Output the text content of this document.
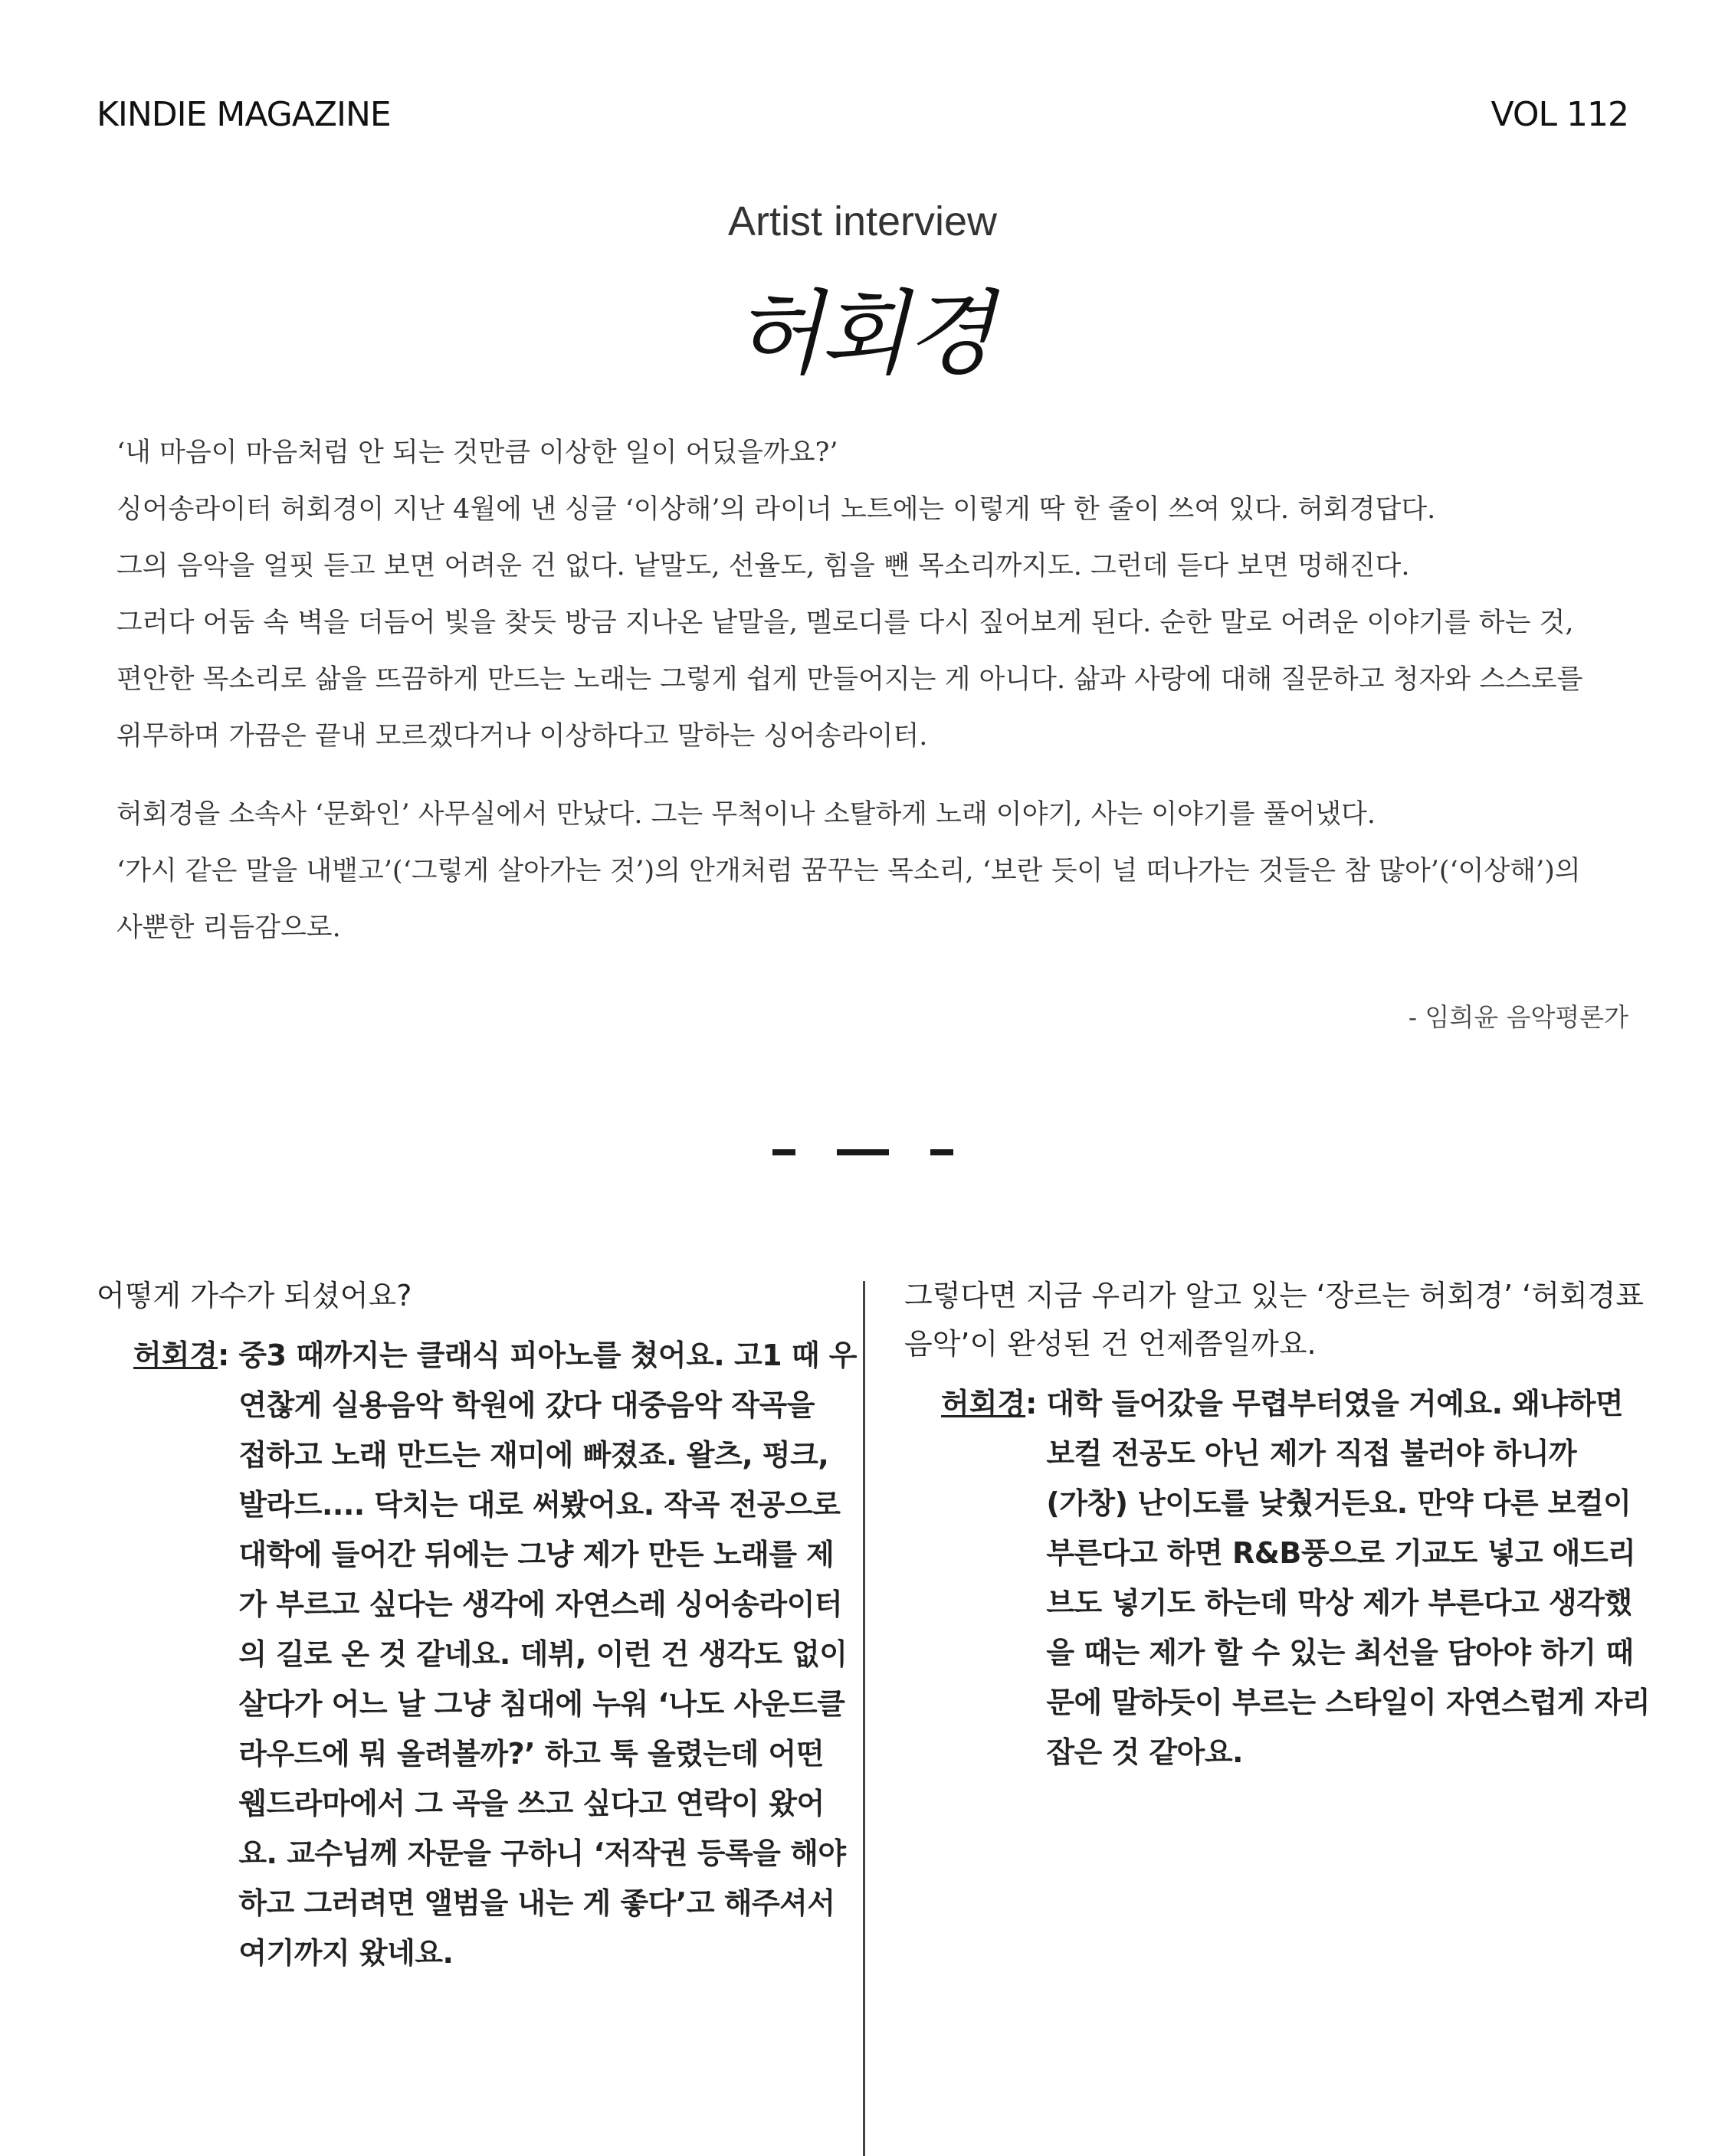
KINDIE MAGAZINE	VOL 112
Artist interview
허회경

‘내 마음이 마음처럼 안 되는 것만큼 이상한 일이 어딨을까요?’

싱어송라이터 허회경이 지난 4월에 낸 싱글 ‘이상해’의 라이너 노트에는 이렇게 딱 한 줄이 쓰여 있다. 허회경답다.

그의 음악을 얼핏 듣고 보면 어려운 건 없다. 낱말도, 선율도, 힘을 뺀 목소리까지도. 그런데 듣다 보면 멍해진다.

그러다 어둠 속 벽을 더듬어 빛을 찾듯 방금 지나온 낱말을, 멜로디를 다시 짚어보게 된다. 순한 말로 어려운 이야기를 하는 것,

편안한 목소리로 삶을 뜨끔하게 만드는 노래는 그렇게 쉽게 만들어지는 게 아니다. 삶과 사랑에 대해 질문하고 청자와 스스로를

위무하며 가끔은 끝내 모르겠다거나 이상하다고 말하는 싱어송라이터.

허회경을 소속사 ‘문화인’ 사무실에서 만났다. 그는 무척이나 소탈하게 노래 이야기, 사는 이야기를 풀어냈다.

‘가시 같은 말을 내뱉고’(‘그렇게 살아가는 것’)의 안개처럼 꿈꾸는 목소리, ‘보란 듯이 널 떠나가는 것들은 참 많아’(‘이상해’)의

사뿐한 리듬감으로.

- 임희윤 음악평론가

어떻게 가수가 되셨어요?

허회경 : 중3 때까지는 클래식 피아노를 쳤어요. 고1 때 우

연찮게 실용음악 학원에 갔다 대중음악 작곡을

접하고 노래 만드는 재미에 빠졌죠. 왈츠, 펑크,

발라드.... 닥치는 대로 써봤어요. 작곡 전공으로

대학에 들어간 뒤에는 그냥 제가 만든 노래를 제

가 부르고 싶다는 생각에 자연스레 싱어송라이터

의 길로 온 것 같네요. 데뷔, 이런 건 생각도 없이

살다가 어느 날 그냥 침대에 누워 ‘나도 사운드클

라우드에 뭐 올려볼까?’ 하고 툭 올렸는데 어떤

웹드라마에서 그 곡을 쓰고 싶다고 연락이 왔어

요. 교수님께 자문을 구하니 ‘저작권 등록을 해야

하고 그러려면 앨범을 내는 게 좋다’고 해주셔서

여기까지 왔네요.

그렇다면 지금 우리가 알고 있는 ‘장르는 허회경’ ‘허회경표

음악’이 완성된 건 언제쯤일까요.

허회경 : 대학 들어갔을 무렵부터였을 거예요. 왜냐하면

보컬 전공도 아닌 제가 직접 불러야 하니까

(가창) 난이도를 낮췄거든요. 만약 다른 보컬이

부른다고 하면 R&B풍으로 기교도 넣고 애드리

브도 넣기도 하는데 막상 제가 부른다고 생각했

을 때는 제가 할 수 있는 최선을 담아야 하기 때

문에 말하듯이 부르는 스타일이 자연스럽게 자리

잡은 것 같아요.
